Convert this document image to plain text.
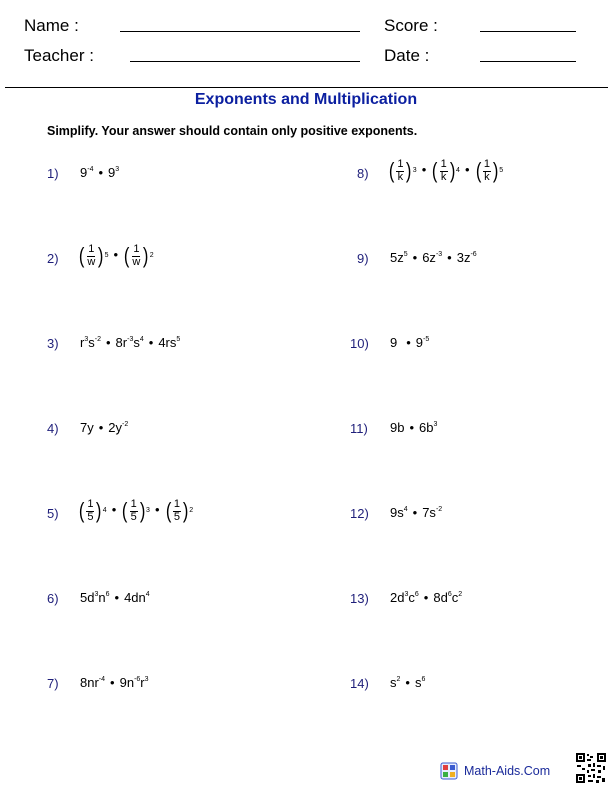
Name :	Score :
Teacher :	Date :
Exponents and Multiplication
Simplify. Your answer should contain only positive exponents.
1) $9^{-4}$ • $9^3$
2) ( $\frac{1}{w}$ ) 5 • ( $\frac{1}{w}$ ) 2
3) $r^3s^{-2}$ • $8r^{-3}s^4$ • $4rs^5$
4) 7y • $2y^{-2}$
5) ( $\frac{1}{5}$ ) 4 • ( $\frac{1}{5}$ ) 3 • ( $\frac{1}{5}$ ) 2
6) $5d^3n^6$ • $4dn^4$
7) $8nr^{-4}$ • $9n^{-6}r^3$
8) ( $\frac{1}{k}$ ) 3 • ( $\frac{1}{k}$ ) 4 • ( $\frac{1}{k}$ ) 5
9) $5z^5$ • $6z^{-3}$ • $3z^{-6}$
10) 9 • $9^{-5}$
11) 9b • $6b^3$
12) $9s^4$ • $7s^{-2}$
13) $2d^3c^6$ • $8d^6c^2$
14) $s^2$ • $s^6$
Math-Aids.Com
